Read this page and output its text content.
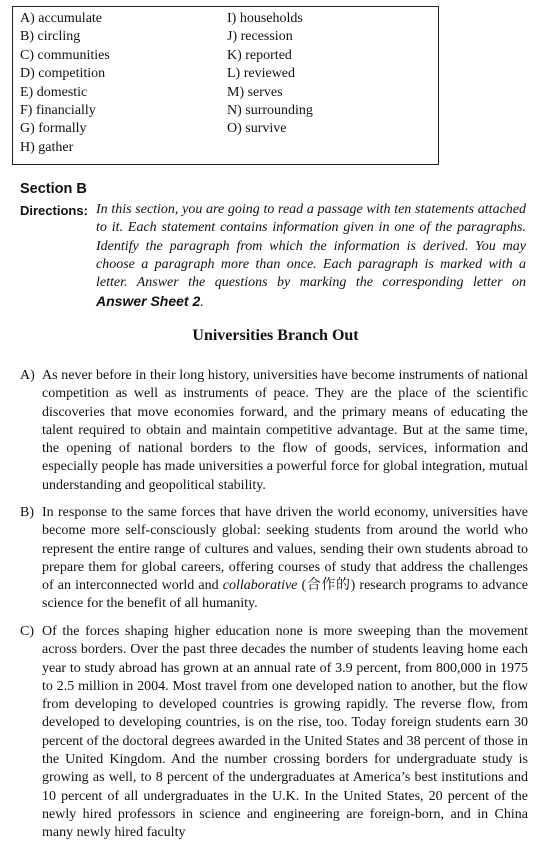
A) accumulate
B) circling
C) communities
D) competition
E) domestic
F) financially
G) formally
H) gather
I) households
J) recession
K) reported
L) reviewed
M) serves
N) surrounding
O) survive
Section B
Directions: In this section, you are going to read a passage with ten statements attached to it. Each statement contains information given in one of the paragraphs. Identify the paragraph from which the information is derived. You may choose a paragraph more than once. Each paragraph is marked with a letter. Answer the questions by marking the corresponding letter on Answer Sheet 2.
Universities Branch Out
A) As never before in their long history, universities have become instruments of national competition as well as instruments of peace. They are the place of the scientific discoveries that move economies forward, and the primary means of educating the talent required to obtain and maintain competitive advantage. But at the same time, the opening of national borders to the flow of goods, services, information and especially people has made universities a powerful force for global integration, mutual understanding and geopolitical stability.
B) In response to the same forces that have driven the world economy, universities have become more self-consciously global: seeking students from around the world who represent the entire range of cultures and values, sending their own students abroad to prepare them for global careers, offering courses of study that address the challenges of an interconnected world and collaborative (合作的) research programs to advance science for the benefit of all humanity.
C) Of the forces shaping higher education none is more sweeping than the movement across borders. Over the past three decades the number of students leaving home each year to study abroad has grown at an annual rate of 3.9 percent, from 800,000 in 1975 to 2.5 million in 2004. Most travel from one developed nation to another, but the flow from developing to developed countries is growing rapidly. The reverse flow, from developed to developing countries, is on the rise, too. Today foreign students earn 30 percent of the doctoral degrees awarded in the United States and 38 percent of those in the United Kingdom. And the number crossing borders for undergraduate study is growing as well, to 8 percent of the undergraduates at America’s best institutions and 10 percent of all undergraduates in the U.K. In the United States, 20 percent of the newly hired professors in science and engineering are foreign-born, and in China many newly hired faculty
